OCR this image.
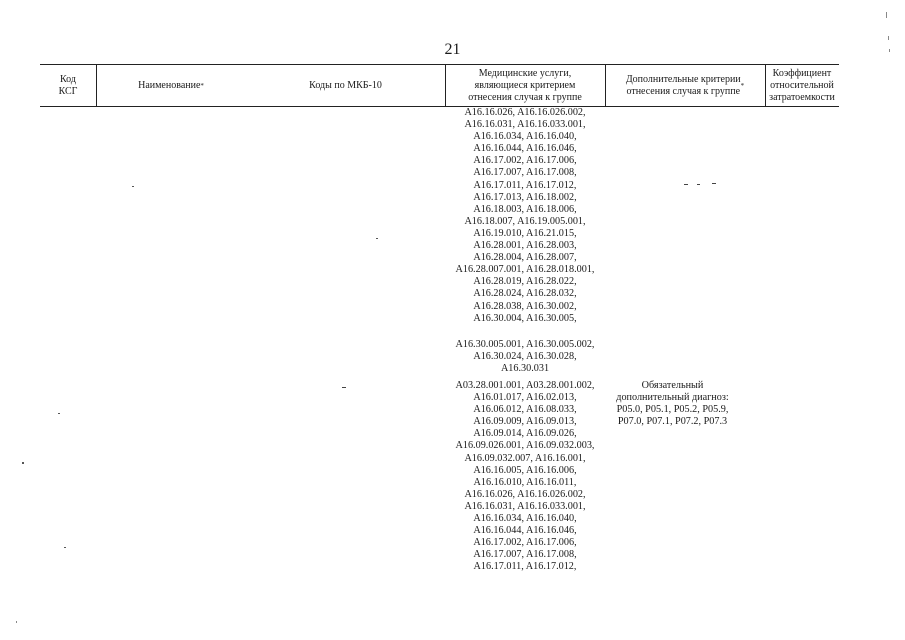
21
Код
КСГ
Наименование *	Коды по МКБ-10
Медицинские услуги,
являющиеся критерием
отнесения случая к группе
Дополнительные критерии
отнесения случая к группе *
Коэффициент
относительной
затратоемкости
A16.16.026, A16.16.026.002,
A16.16.031, A16.16.033.001,
A16.16.034, A16.16.040,
A16.16.044, A16.16.046,
A16.17.002, A16.17.006,
A16.17.007, A16.17.008,
A16.17.011, A16.17.012,
A16.17.013, A16.18.002,
A16.18.003, A16.18.006,
A16.18.007, A16.19.005.001,
A16.19.010, A16.21.015,
A16.28.001, A16.28.003,
A16.28.004, A16.28.007,
A16.28.007.001, A16.28.018.001,
A16.28.019, A16.28.022,
A16.28.024, A16.28.032,
A16.28.038, A16.30.002,
A16.30.004, A16.30.005,
A16.30.005.001, A16.30.005.002,
A16.30.024, A16.30.028,
A16.30.031
A03.28.001.001, A03.28.001.002,
A16.01.017, A16.02.013,
A16.06.012, A16.08.033,
A16.09.009, A16.09.013,
A16.09.014, A16.09.026,
A16.09.026.001, A16.09.032.003,
A16.09.032.007, A16.16.001,
A16.16.005, A16.16.006,
A16.16.010, A16.16.011,
A16.16.026, A16.16.026.002,
A16.16.031, A16.16.033.001,
A16.16.034, A16.16.040,
A16.16.044, A16.16.046,
A16.17.002, A16.17.006,
A16.17.007, A16.17.008,
A16.17.011, A16.17.012,
Обязательный
дополнительный диагноз:
P05.0, P05.1, P05.2, P05.9,
P07.0, P07.1, P07.2, P07.3
